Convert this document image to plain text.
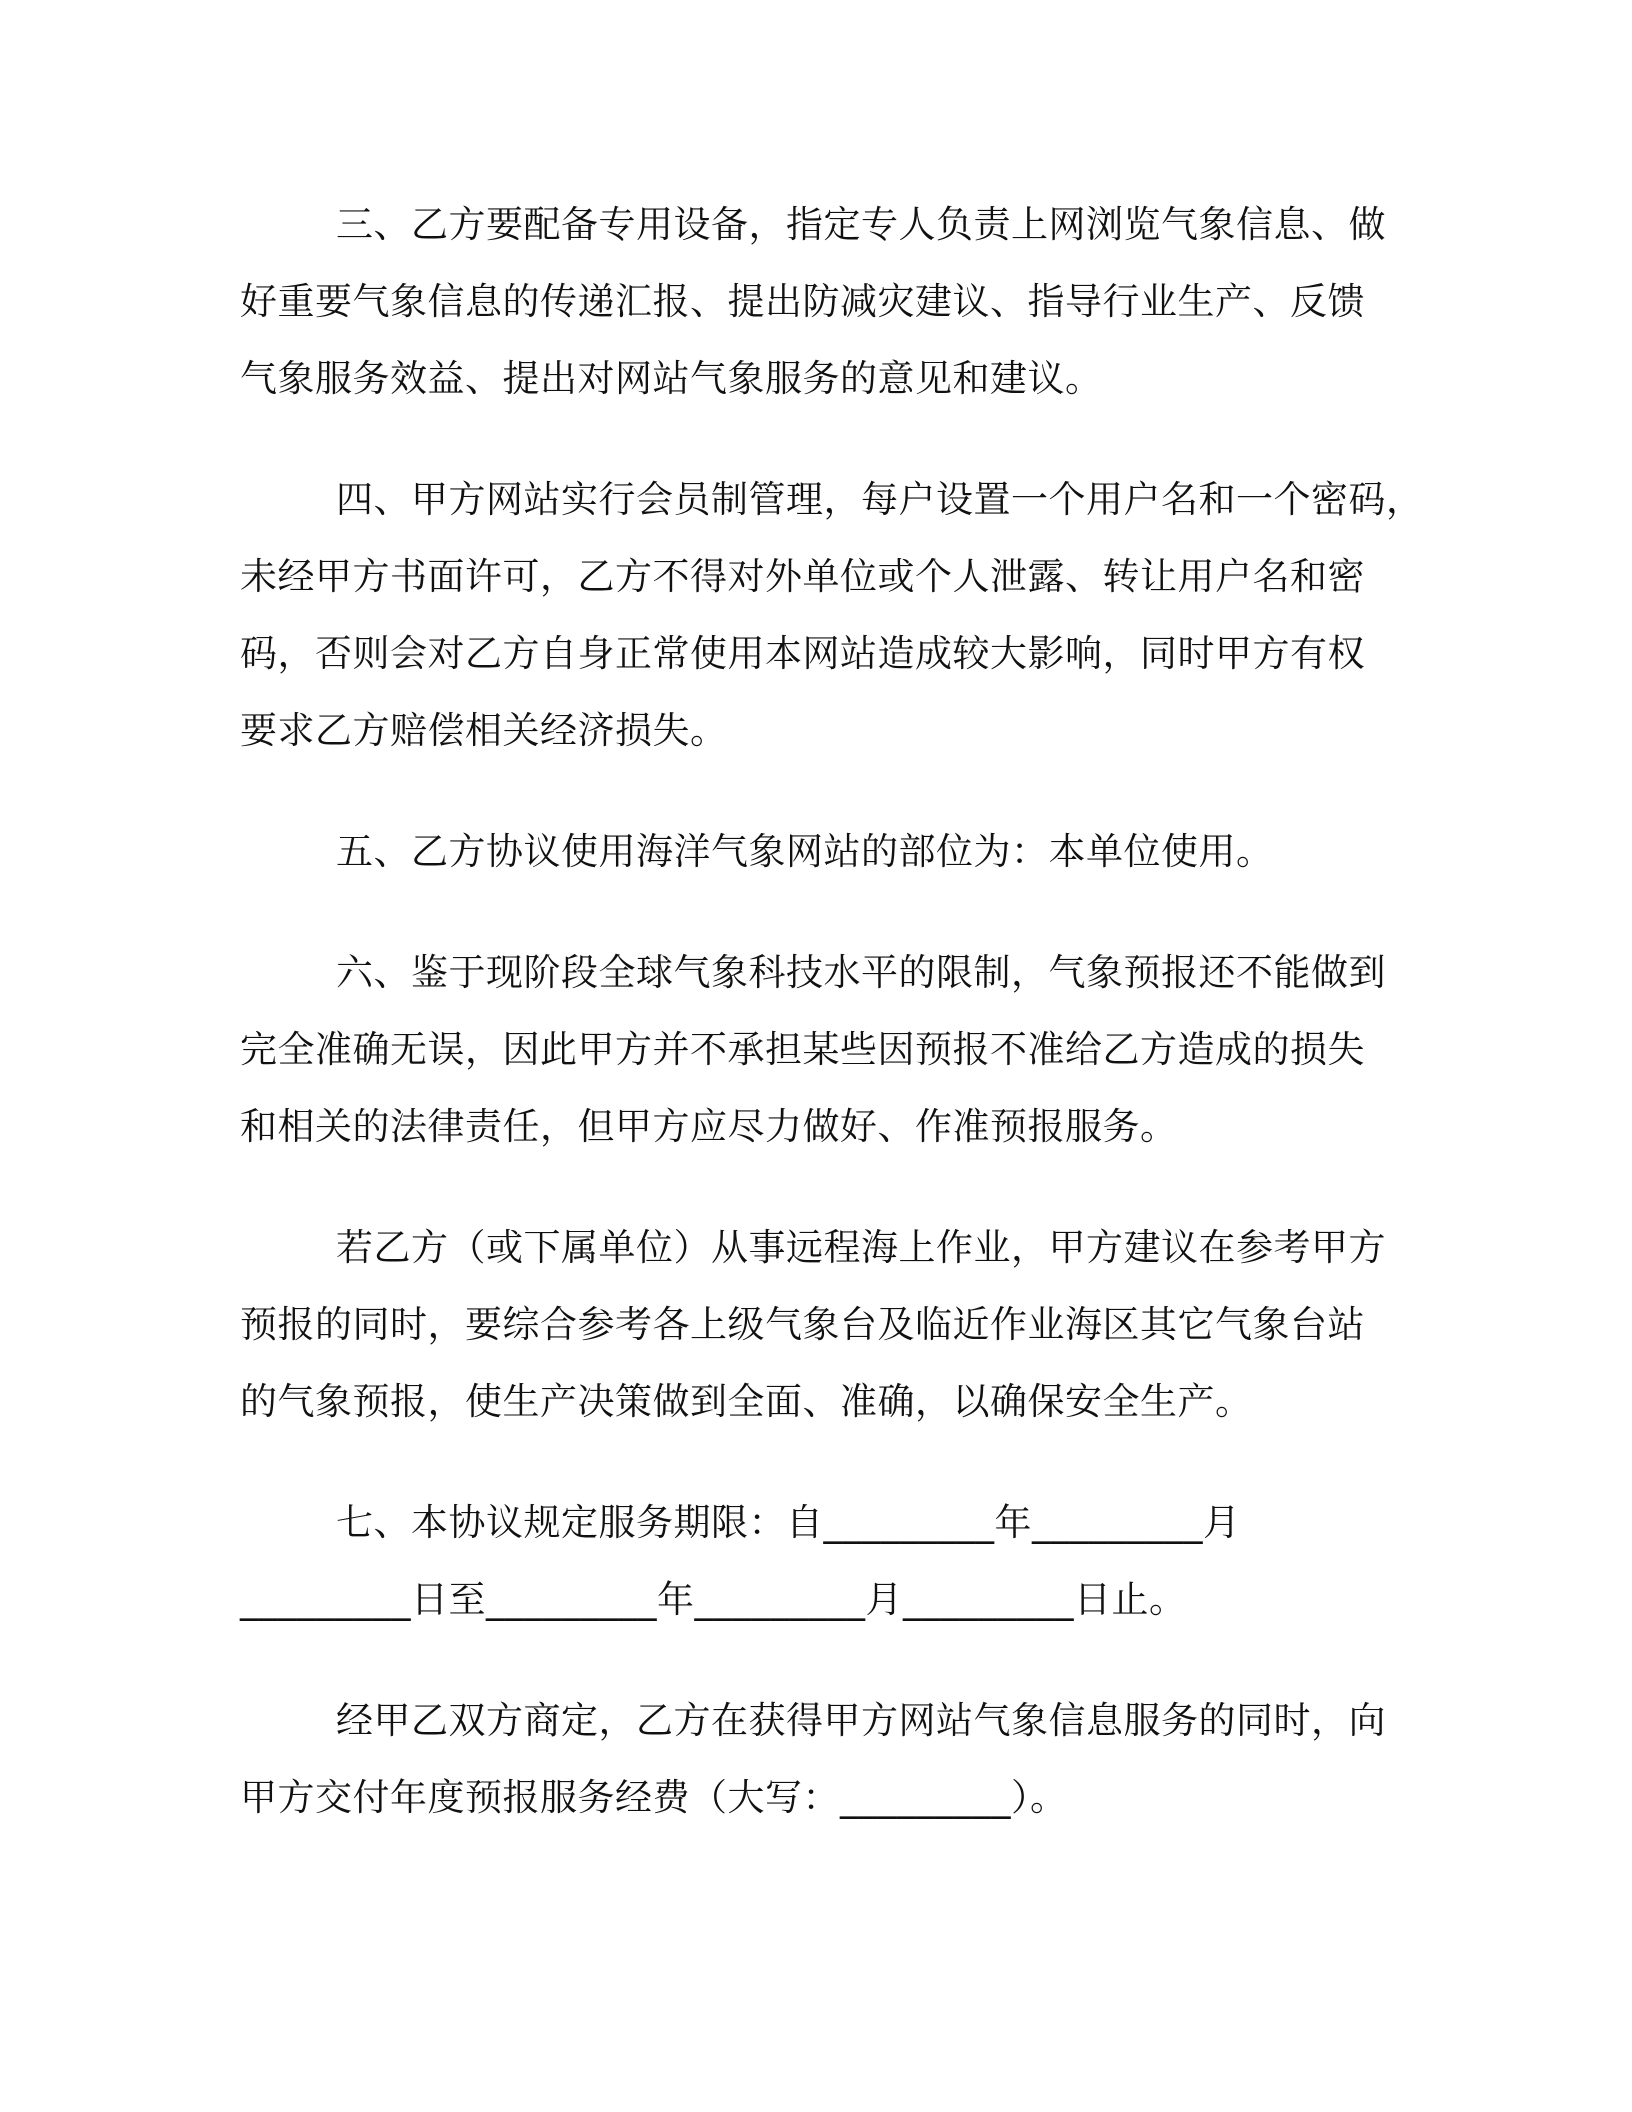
三、乙方要配备专用设备，指定专人负责上网浏览气象信息、做
好重要气象信息的传递汇报、提出防减灾建议、指导行业生产、反馈
气象服务效益、提出对网站气象服务的意见和建议。

四、甲方网站实行会员制管理，每户设置一个用户名和一个密码，
未经甲方书面许可，乙方不得对外单位或个人泄露、转让用户名和密
码，否则会对乙方自身正常使用本网站造成较大影响，同时甲方有权
要求乙方赔偿相关经济损失。

五、乙方协议使用海洋气象网站的部位为：本单位使用。

六、鉴于现阶段全球气象科技水平的限制，气象预报还不能做到
完全准确无误，因此甲方并不承担某些因预报不准给乙方造成的损失
和相关的法律责任，但甲方应尽力做好、作准预报服务。

若乙方（或下属单位）从事远程海上作业，甲方建议在参考甲方
预报的同时，要综合参考各上级气象台及临近作业海区其它气象台站
的气象预报，使生产决策做到全面、准确，以确保安全生产。

七、本协议规定服务期限：自_________年_________月
_________日至_________年_________月_________日止。

经甲乙双方商定，乙方在获得甲方网站气象信息服务的同时，向
甲方交付年度预报服务经费（大写：_________）。
